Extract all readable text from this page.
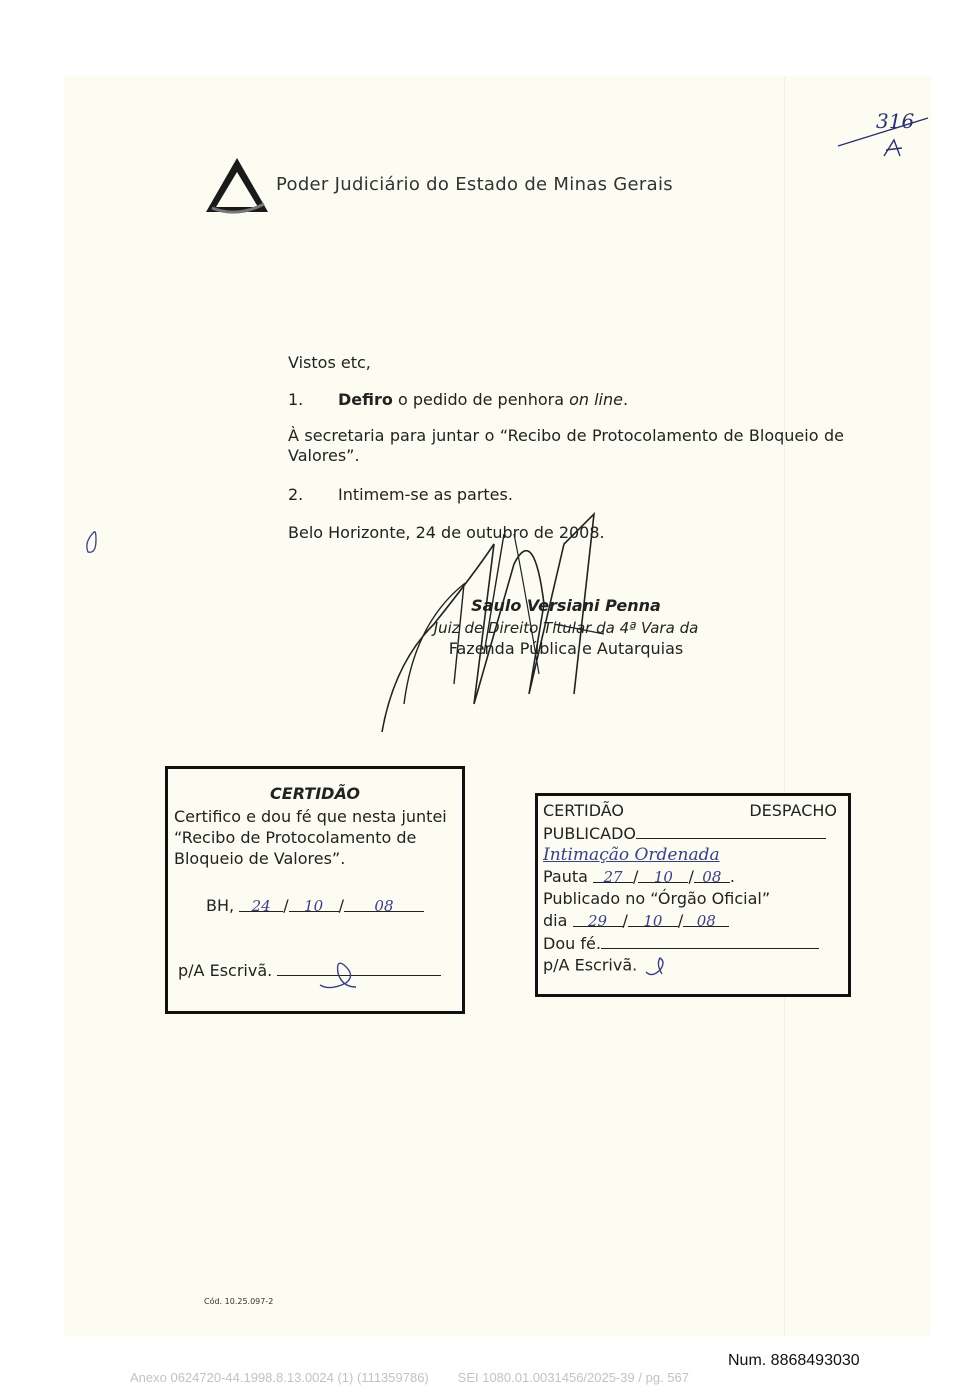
Poder Judiciário do Estado de Minas Gerais
316
Vistos etc,
1. Defiro o pedido de penhora on line.
À secretaria para juntar o “Recibo de Protocolamento de Bloqueio de Valores”.
2. Intimem-se as partes.
Belo Horizonte, 24 de outubro de 2008.
Saulo Versiani Penna
Juiz de Direito Titular da 4ª Vara da
Fazenda Pública e Autarquias
CERTIDÃO
Certifico e dou fé que nesta juntei “Recibo de Protocolamento de Bloqueio de Valores”.
BH, 24 / 10 / 08
p/A Escrivã.
CERTIDÃO	DESPACHO
PUBLICADO
Intimação Ordenada
Pauta 27 / 10 / 08 .
Publicado no “Órgão Oficial”
dia 29 / 10 / 08
Dou fé.
p/A Escrivã.
Cód. 10.25.097-2
Num. 8868493030
Anexo 0624720-44.1998.8.13.0024 (1) (111359786)        SEI 1080.01.0031456/2025-39 / pg. 567
